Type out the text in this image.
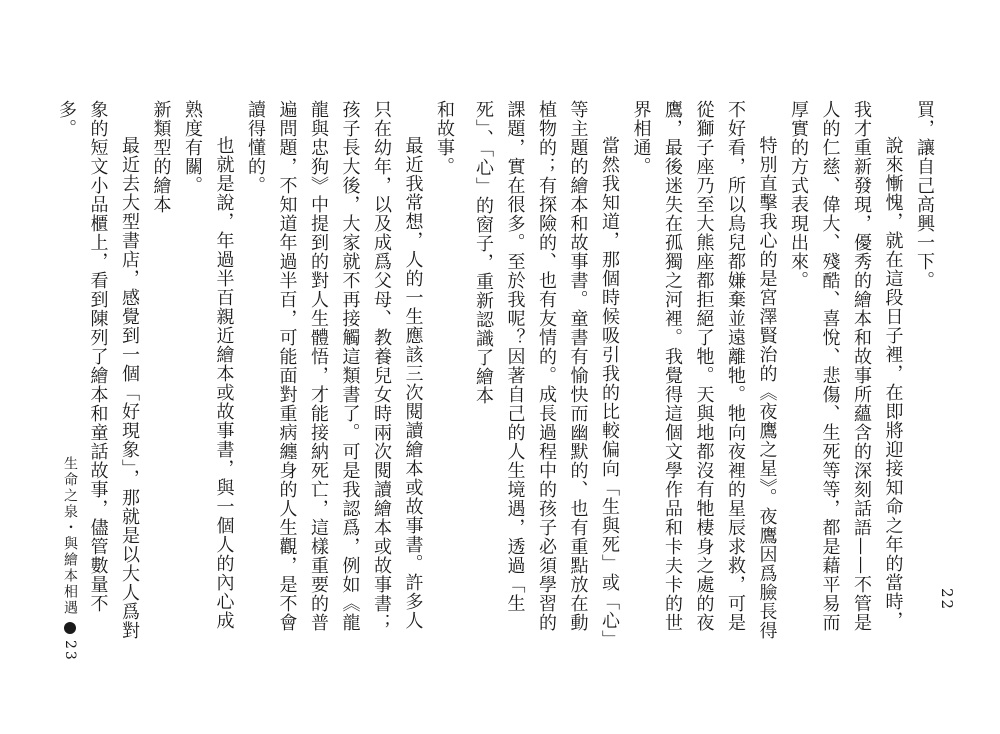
買，讓自己高興一下。

說來慚愧，就在這段日子裡，在即將迎接知命之年的當時，我才重新發現，優秀的繪本和故事所蘊含的深刻話語——不管是人的仁慈、偉大、殘酷、喜悅、悲傷、生死等等，都是藉平易而厚實的方式表現出來。

特別直擊我心的是宮澤賢治的《夜鷹之星》。夜鷹因爲臉長得不好看，所以鳥兒都嫌棄並遠離牠。牠向夜裡的星辰求救，可是從獅子座乃至大熊座都拒絕了牠。天與地都沒有牠棲身之處的夜鷹，最後迷失在孤獨之河裡。我覺得這個文學作品和卡夫卡的世界相通。

當然我知道，那個時候吸引我的比較偏向「生與死」或「心」等主題的繪本和故事書。童書有愉快而幽默的、也有重點放在動植物的；有探險的、也有友情的。成長過程中的孩子必須學習的課題，實在很多。至於我呢？因著自己的人生境遇，透過「生死」、「心」的窗子，重新認識了繪本

22

和故事。

最近我常想，人的一生應該三次閱讀繪本或故事書。許多人只在幼年，以及成爲父母、教養兒女時兩次閱讀繪本或故事書；孩子長大後，大家就不再接觸這類書了。可是我認爲，例如《龍龍與忠狗》中提到的對人生體悟，才能接納死亡，這樣重要的普遍問題，不知道年過半百，可能面對重病纏身的人生觀，是不會讀得懂的。

也就是說，年過半百親近繪本或故事書，與一個人的內心成熟度有關。

新類型的繪本

最近去大型書店，感覺到一個「好現象」，那就是以大人爲對象的短文小品櫃上，看到陳列了繪本和童話故事，儘管數量不多。

生命之泉・與繪本相遇
23
